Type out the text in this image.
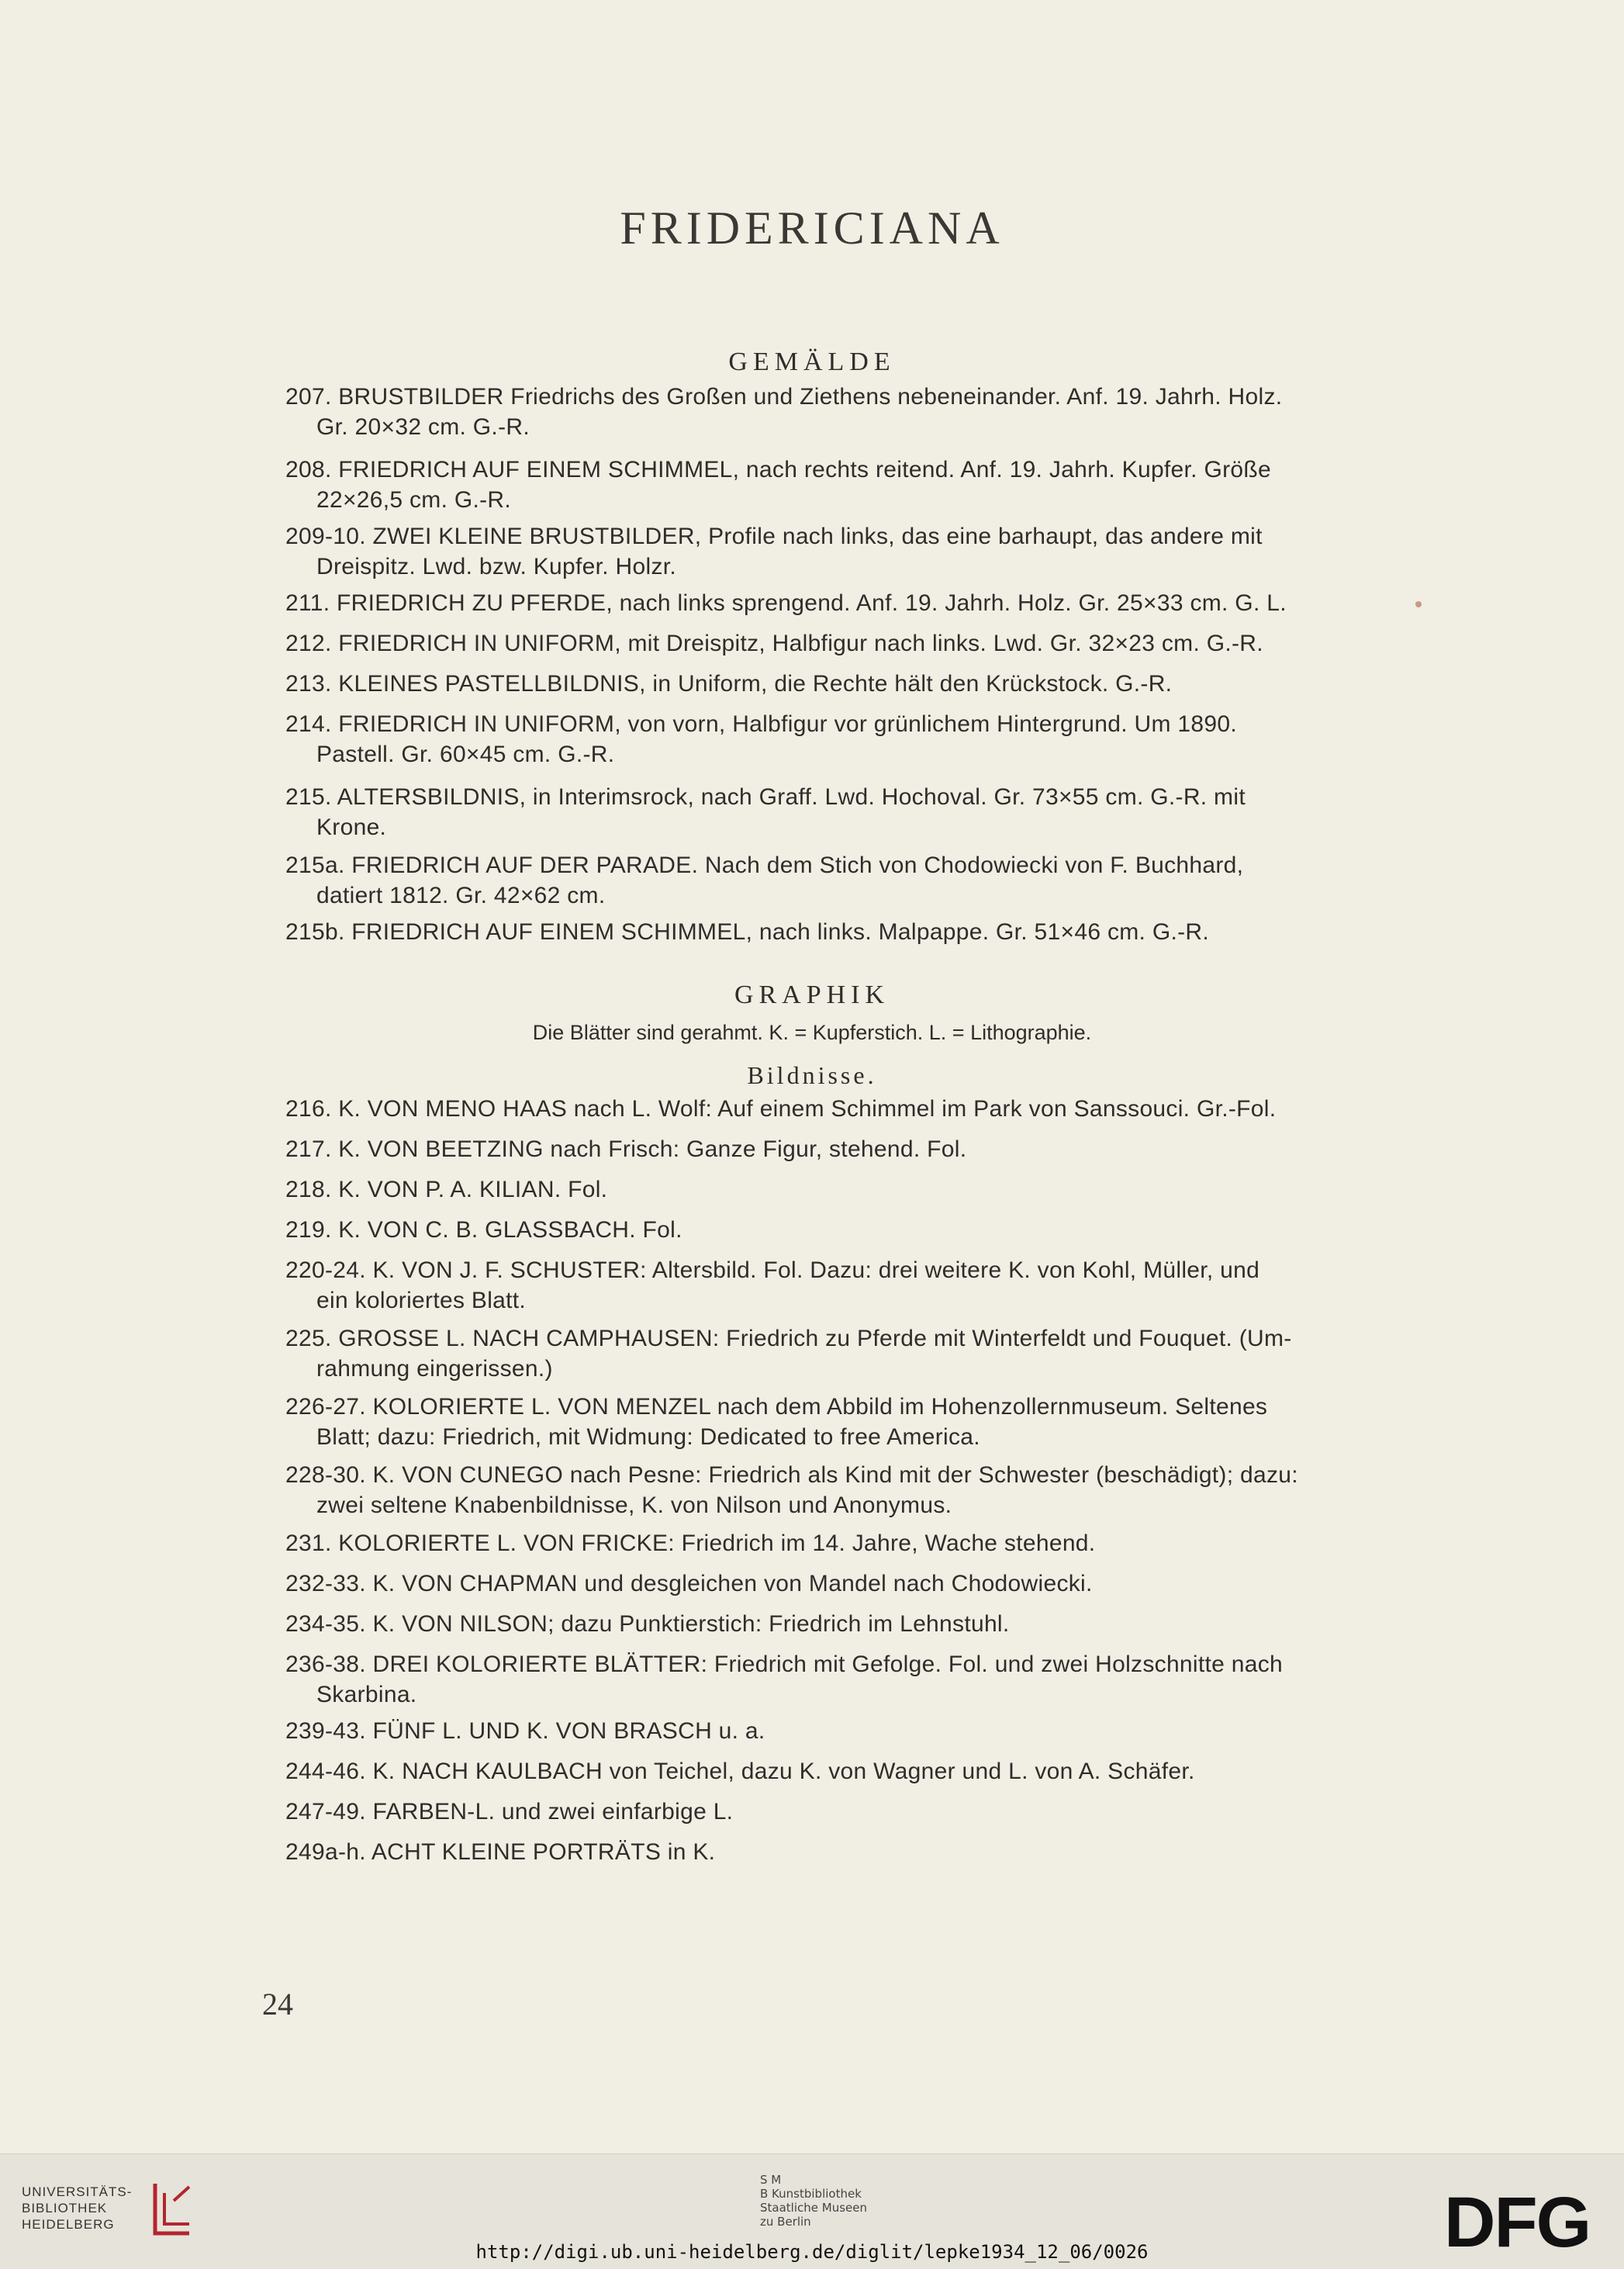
FRIDERICIANA
GEMÄLDE
207. BRUSTBILDER Friedrichs des Großen und Ziethens nebeneinander. Anf. 19. Jahrh. Holz.
Gr. 20×32 cm. G.-R.
208. FRIEDRICH AUF EINEM SCHIMMEL, nach rechts reitend. Anf. 19. Jahrh. Kupfer. Größe
22×26,5 cm. G.-R.
209-10. ZWEI KLEINE BRUSTBILDER, Profile nach links, das eine barhaupt, das andere mit
Dreispitz. Lwd. bzw. Kupfer. Holzr.
211. FRIEDRICH ZU PFERDE, nach links sprengend. Anf. 19. Jahrh. Holz. Gr. 25×33 cm. G. L.
212. FRIEDRICH IN UNIFORM, mit Dreispitz, Halbfigur nach links. Lwd. Gr. 32×23 cm. G.-R.
213. KLEINES PASTELLBILDNIS, in Uniform, die Rechte hält den Krückstock. G.-R.
214. FRIEDRICH IN UNIFORM, von vorn, Halbfigur vor grünlichem Hintergrund. Um 1890.
Pastell. Gr. 60×45 cm. G.-R.
215. ALTERSBILDNIS, in Interimsrock, nach Graff. Lwd. Hochoval. Gr. 73×55 cm. G.-R. mit
Krone.
215a. FRIEDRICH AUF DER PARADE. Nach dem Stich von Chodowiecki von F. Buchhard,
datiert 1812. Gr. 42×62 cm.
215b. FRIEDRICH AUF EINEM SCHIMMEL, nach links. Malpappe. Gr. 51×46 cm. G.-R.
GRAPHIK
Die Blätter sind gerahmt. K. = Kupferstich. L. = Lithographie.
Bildnisse.
216. K. VON MENO HAAS nach L. Wolf: Auf einem Schimmel im Park von Sanssouci. Gr.-Fol.
217. K. VON BEETZING nach Frisch: Ganze Figur, stehend. Fol.
218. K. VON P. A. KILIAN. Fol.
219. K. VON C. B. GLASSBACH. Fol.
220-24. K. VON J. F. SCHUSTER: Altersbild. Fol. Dazu: drei weitere K. von Kohl, Müller, und
ein koloriertes Blatt.
225. GROSSE L. NACH CAMPHAUSEN: Friedrich zu Pferde mit Winterfeldt und Fouquet. (Um-
rahmung eingerissen.)
226-27. KOLORIERTE L. VON MENZEL nach dem Abbild im Hohenzollernmuseum. Seltenes
Blatt; dazu: Friedrich, mit Widmung: Dedicated to free America.
228-30. K. VON CUNEGO nach Pesne: Friedrich als Kind mit der Schwester (beschädigt); dazu:
zwei seltene Knabenbildnisse, K. von Nilson und Anonymus.
231. KOLORIERTE L. VON FRICKE: Friedrich im 14. Jahre, Wache stehend.
232-33. K. VON CHAPMAN und desgleichen von Mandel nach Chodowiecki.
234-35. K. VON NILSON; dazu Punktierstich: Friedrich im Lehnstuhl.
236-38. DREI KOLORIERTE BLÄTTER: Friedrich mit Gefolge. Fol. und zwei Holzschnitte nach
Skarbina.
239-43. FÜNF L. UND K. VON BRASCH u. a.
244-46. K. NACH KAULBACH von Teichel, dazu K. von Wagner und L. von A. Schäfer.
247-49. FARBEN-L. und zwei einfarbige L.
249a-h. ACHT KLEINE PORTRÄTS in K.
24
UNIVERSITÄTS-
BIBLIOTHEK
HEIDELBERG
S M
B Kunstbibliothek
Staatliche Museen
zu Berlin	DFG
http://digi.ub.uni-heidelberg.de/diglit/lepke1934_12_06/0026
